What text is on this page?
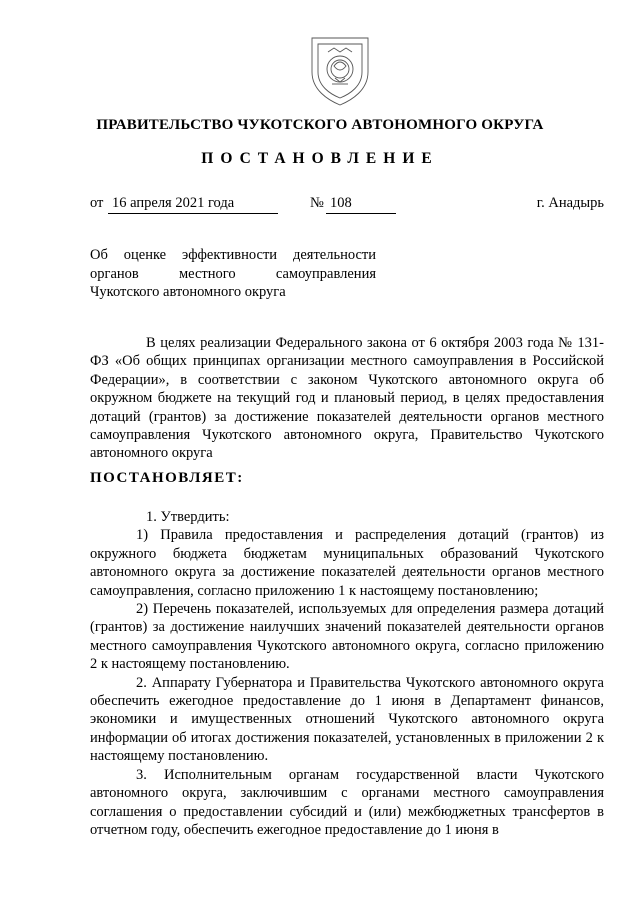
ПРАВИТЕЛЬСТВО ЧУКОТСКОГО АВТОНОМНОГО ОКРУГА
ПОСТАНОВЛЕНИЕ
от 16 апреля 2021 года	№ 108	г. Анадырь
Об оценке эффективности деятельности
органов местного самоуправления
Чукотского автономного округа
В целях реализации Федерального закона от 6 октября 2003 года № 131-ФЗ «Об общих принципах организации местного самоуправления в Российской Федерации», в соответствии с законом Чукотского автономного округа об окружном бюджете на текущий год и плановый период, в целях предоставления дотаций (грантов) за достижение показателей деятельности органов местного самоуправления Чукотского автономного округа, Правительство Чукотского автономного округа
ПОСТАНОВЛЯЕТ:

1. Утвердить:

1) Правила предоставления и распределения дотаций (грантов) из окружного бюджета бюджетам муниципальных образований Чукотского автономного округа за достижение показателей деятельности органов местного самоуправления, согласно приложению 1 к настоящему постановлению;

2) Перечень показателей, используемых для определения размера дотаций (грантов) за достижение наилучших значений показателей деятельности органов местного самоуправления Чукотского автономного округа, согласно приложению 2 к настоящему постановлению.

2. Аппарату Губернатора и Правительства Чукотского автономного округа обеспечить ежегодное предоставление до 1 июня в Департамент финансов, экономики и имущественных отношений Чукотского автономного округа информации об итогах достижения показателей, установленных в приложении 2 к настоящему постановлению.

3. Исполнительным органам государственной власти Чукотского автономного округа, заключившим с органами местного самоуправления соглашения о предоставлении субсидий и (или) межбюджетных трансфертов в отчетном году, обеспечить ежегодное предоставление до 1 июня в
